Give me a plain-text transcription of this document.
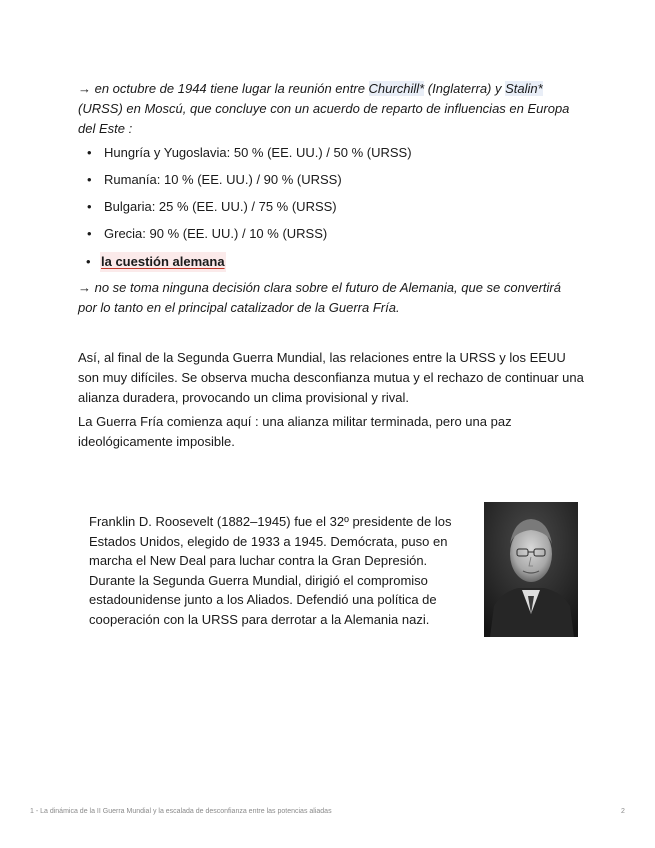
→ en octubre de 1944 tiene lugar la reunión entre Churchill* (Inglaterra) y Stalin* (URSS) en Moscú, que concluye con un acuerdo de reparto de influencias en Europa del Este :
• Hungría y Yugoslavia: 50 % (EE. UU.) / 50 % (URSS)
• Rumanía: 10 % (EE. UU.) / 90 % (URSS)
• Bulgaria: 25 % (EE. UU.) / 75 % (URSS)
• Grecia: 90 % (EE. UU.) / 10 % (URSS)
• la cuestión alemana
→ no se toma ninguna decisión clara sobre el futuro de Alemania, que se convertirá por lo tanto en el principal catalizador de la Guerra Fría.
Así, al final de la Segunda Guerra Mundial, las relaciones entre la URSS y los EEUU son muy difíciles. Se observa mucha desconfianza mutua y el rechazo de continuar una alianza duradera, provocando un clima provisional y rival.
La Guerra Fría comienza aquí : una alianza militar terminada, pero una paz ideológicamente imposible.
Franklin D. Roosevelt (1882–1945) fue el 32º presidente de los Estados Unidos, elegido de 1933 a 1945. Demócrata, puso en marcha el New Deal para luchar contra la Gran Depresión. Durante la Segunda Guerra Mundial, dirigió el compromiso estadounidense junto a los Aliados. Defendió una política de cooperación con la URSS para derrotar a la Alemania nazi.
1 - La dinámica de la II Guerra Mundial y la escalada de desconfianza entre las potencias aliadas	2
